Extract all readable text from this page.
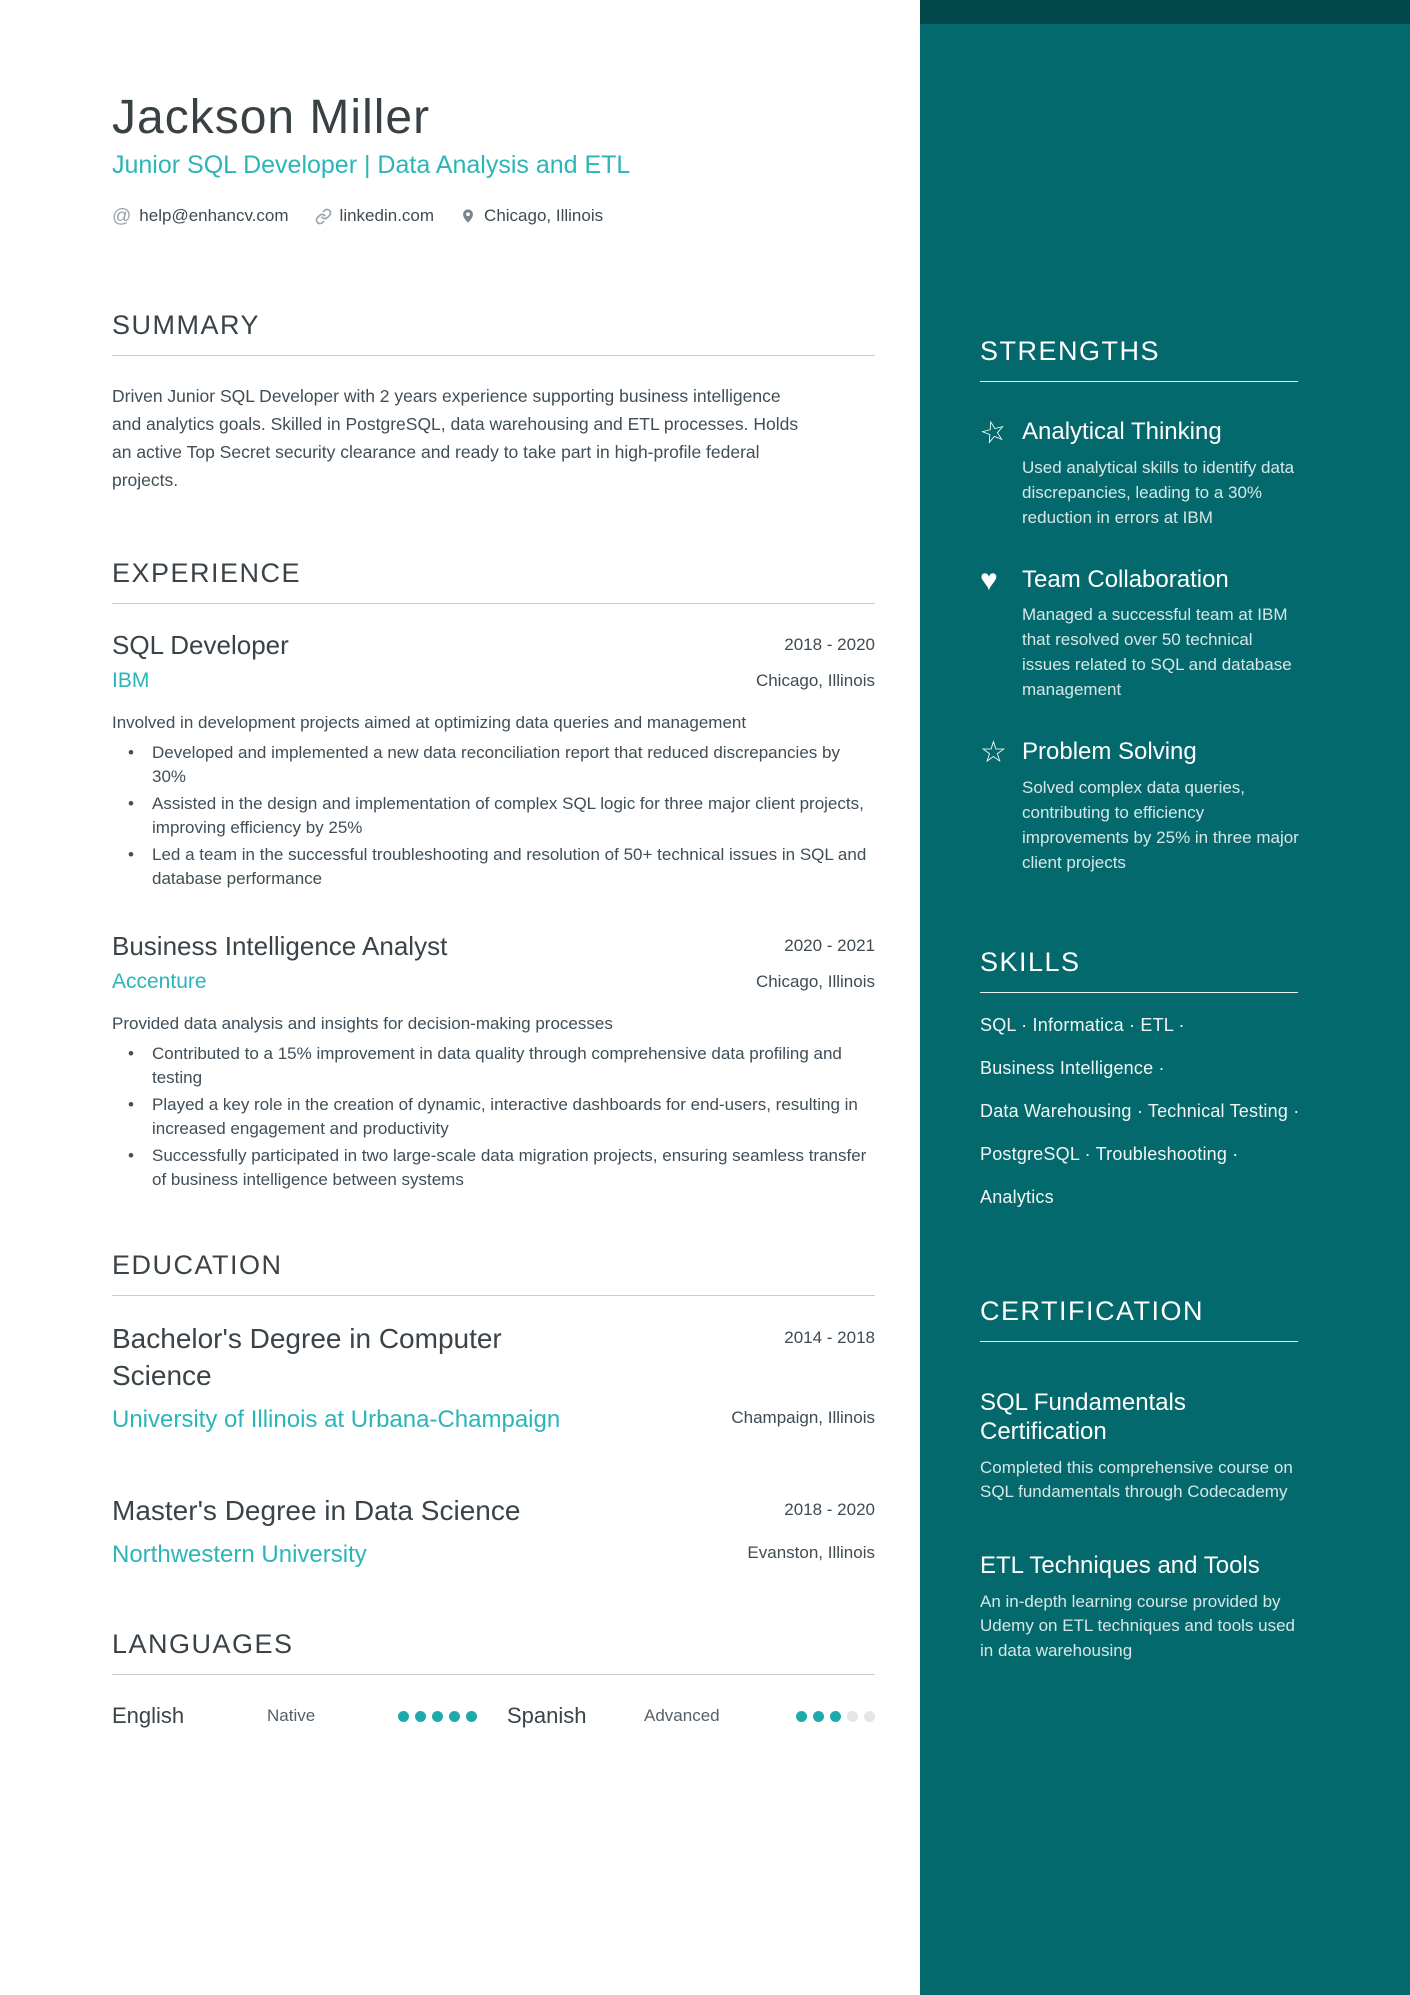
STRENGTHS
☆ Analytical Thinking
Used analytical skills to identify data discrepancies, leading to a 30% reduction in errors at IBM
♥	Team Collaboration
Managed a successful team at IBM that resolved over 50 technical issues related to SQL and database management
☆ Problem Solving
Solved complex data queries, contributing to efficiency improvements by 25% in three major client projects
SKILLS
SQL · Informatica · ETL ·
Business Intelligence ·
Data Warehousing · Technical Testing ·
PostgreSQL · Troubleshooting ·
Analytics
CERTIFICATION
SQL Fundamentals Certification
Completed this comprehensive course on SQL fundamentals through Codecademy
ETL Techniques and Tools
An in-depth learning course provided by Udemy on ETL techniques and tools used in data warehousing
Jackson Miller
Junior SQL Developer | Data Analysis and ETL
@ help@enhancv.com	linkedin.com	Chicago, Illinois
SUMMARY

Driven Junior SQL Developer with 2 years experience supporting business intelligence and analytics goals. Skilled in PostgreSQL, data warehousing and ETL processes. Holds an active Top Secret security clearance and ready to take part in high-profile federal projects.

EXPERIENCE
SQL Developer	2018 - 2020
IBM	Chicago, Illinois
Involved in development projects aimed at optimizing data queries and management
• Developed and implemented a new data reconciliation report that reduced discrepancies by 30%
• Assisted in the design and implementation of complex SQL logic for three major client projects, improving efficiency by 25%
• Led a team in the successful troubleshooting and resolution of 50+ technical issues in SQL and database performance
Business Intelligence Analyst	2020 - 2021
Accenture	Chicago, Illinois
Provided data analysis and insights for decision-making processes
• Contributed to a 15% improvement in data quality through comprehensive data profiling and testing
• Played a key role in the creation of dynamic, interactive dashboards for end-users, resulting in increased engagement and productivity
• Successfully participated in two large-scale data migration projects, ensuring seamless transfer of business intelligence between systems
EDUCATION
Bachelor's Degree in Computer Science
2014 - 2018
University of Illinois at Urbana-Champaign	Champaign, Illinois
Master's Degree in Data Science	2018 - 2020
Northwestern University	Evanston, Illinois
LANGUAGES
English	Native	Spanish	Advanced
